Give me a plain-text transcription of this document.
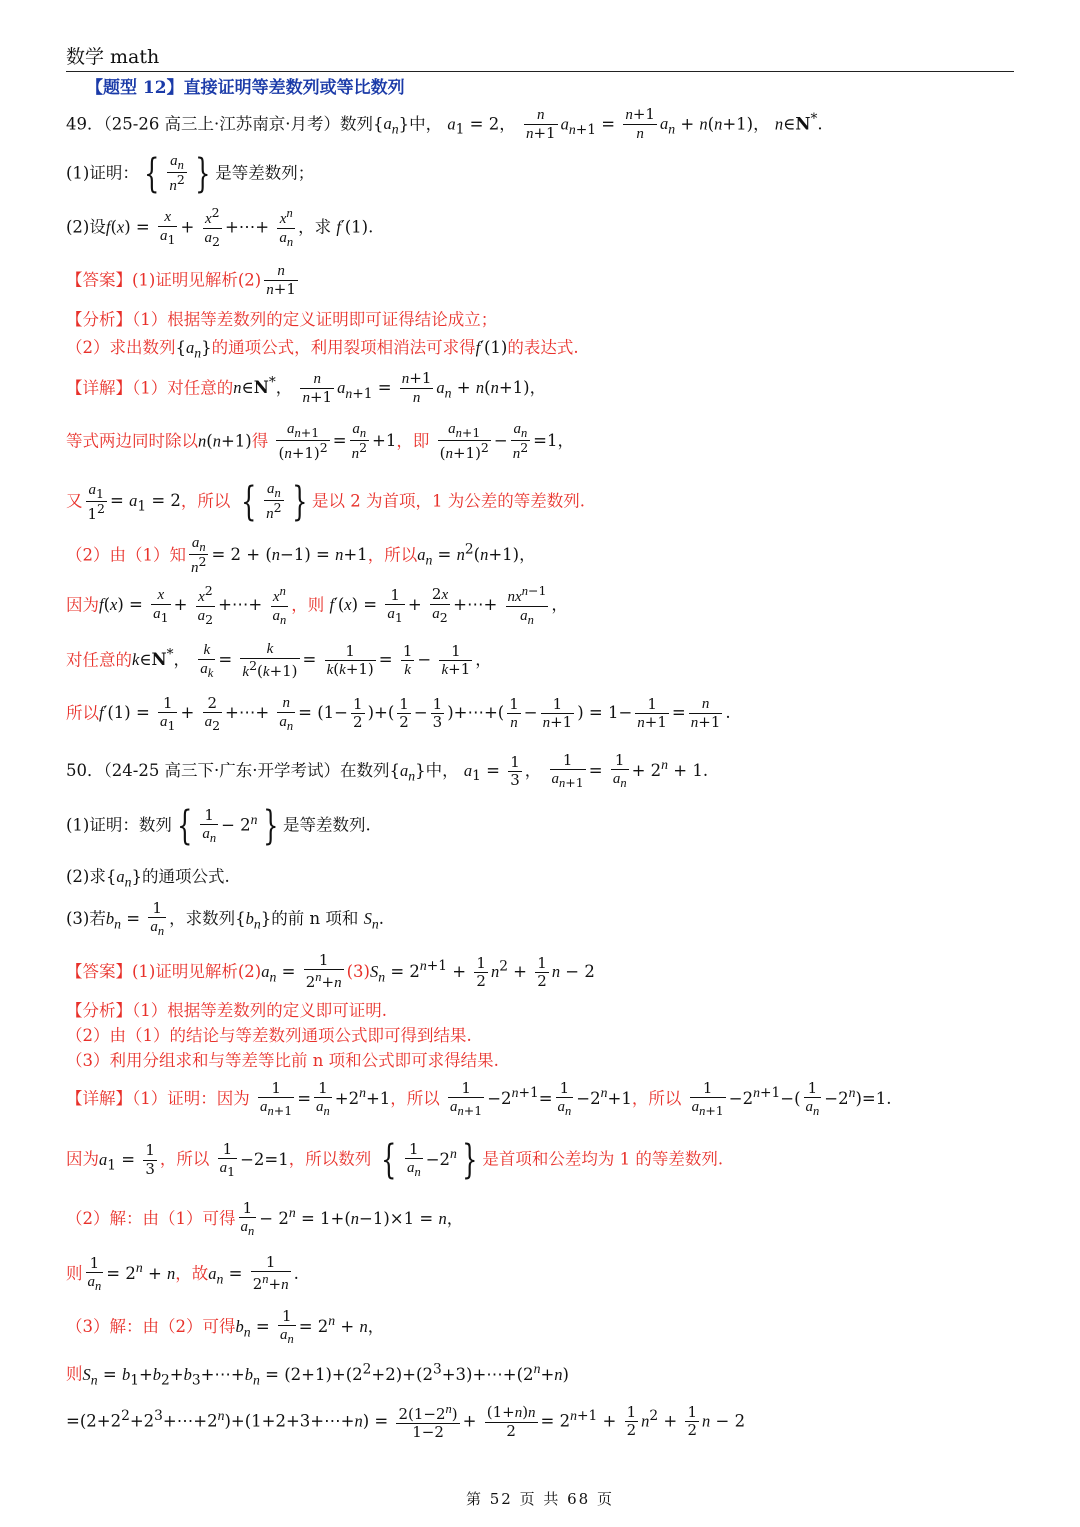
数学 math
【题型 12】直接证明等差数列或等比数列
49．（25-26 高三上·江苏南京·月考）数列$\{a_n\}$中， $a_1 = 2$， $\frac{n}{n+1} a_{n+1} = \frac{n+1}{n} a_n + n(n+1)$， n∈N*.
(1)证明： { $\frac{a_n}{n^2}$ } 是等差数列；
(2)设$f(x) = \frac{x}{a_1} + \frac{x^2}{a_2}$ +⋯+ $\frac{x^n}{a_n}$ ，求 f′(1).
【答案】(1)证明见解析$(2) \frac{n}{n+1}$
【分析】（1）根据等差数列的定义证明即可证得结论成立；
（2）求出数列$\{a_n\}$的通项公式，利用裂项相消法可求得f′(1)的表达式.
【详解】（1）对任意的n∈N*， $\frac{n}{n+1} a_{n+1} = \frac{n+1}{n} a_n + n(n+1)$，
等式两边同时除以n(n+1)得 $\frac{a_{n+1}}{(n+1)^2} = \frac{a_n}{n^2} +1$，即 $\frac{a_{n+1}}{(n+1)^2} - \frac{a_n}{n^2} =1$，
又 $\frac{a_1}{1^2} = a_1 = 2$，所以 { $\frac{a_n}{n^2}$ } 是以 2 为首项，1 为公差的等差数列.
（2）由（1）知 $\frac{a_n}{n^2} = 2 + (n-1) = n+1$，所以$a_n = n^2(n+1)$，
因为$f(x) = \frac{x}{a_1} + \frac{x^2}{a_2}$ +⋯+ $\frac{x^n}{a_n}$ ，则 $f'(x) = \frac{1}{a_1} + \frac{2x}{a_2}$ +⋯+ $\frac{nx^{n-1}}{a_n}$ ，
对任意的k∈N*， $\frac{k}{a_k} = \frac{k}{k^2(k+1)} = \frac{1}{k(k+1)} = \frac{1}{k} - \frac{1}{k+1}$ ，
所以$f'(1) = \frac{1}{a_1} + \frac{2}{a_2}$ +⋯+ $\frac{n}{a_n} = (1- \frac{1}{2}$ )+( $\frac{1}{2} - \frac{1}{3}$ )+⋯+( $\frac{1}{n} - \frac{1}{n+1}$ ) = $1- \frac{1}{n+1} = \frac{n}{n+1}$ .
50．（24-25 高三下·广东·开学考试）在数列$\{a_n\}$中， $a_1 = \frac{1}{3}$ ， $\frac{1}{a_{n+1}} = \frac{1}{a_n} + 2^n + 1$.
(1)证明：数列 { $\frac{1}{a_n} - 2^n$ } 是等差数列.
(2)求$\{a_n\}$的通项公式.
(3)若$b_n = \frac{1}{a_n}$ ，求数列$\{b_n\}$的前 n 项和 $S_n$.
【答案】(1)证明见解析$(2)a_n = \frac{1}{2^n+n} (3)S_n = 2^{n+1} + \frac{1}{2} n^2 + \frac{1}{2}$ n − 2
【分析】（1）根据等差数列的定义即可证明.
（2）由（1）的结论与等差数列通项公式即可得到结果.
（3）利用分组求和与等差等比前 n 项和公式即可求得结果.
【详解】（1）证明：因为 $\frac{1}{a_{n+1}} = \frac{1}{a_n} +2^n+1$，所以 $\frac{1}{a_{n+1}} -2^{n+1}= \frac{1}{a_n} -2^n+1$，所以 $\frac{1}{a_{n+1}} -2^{n+1}-( \frac{1}{a_n} -2^n)=1$.
因为$a_1 = \frac{1}{3}$ ，所以 $\frac{1}{a_1} -2=1$，所以数列 { $\frac{1}{a_n} -2^n$ } 是首项和公差均为 1 的等差数列.
（2）解：由（1）可得 $\frac{1}{a_n} - 2^n = 1+(n-1)\times 1 = n$，
则 $\frac{1}{a_n} = 2^n + n$，故$a_n = \frac{1}{2^n+n}$ .
（3）解：由（2）可得$b_n = \frac{1}{a_n} = 2^n + n$，
则$S_n$ = $b_1+b_2+b_3+\cdots+b_n$ = $(2+1)+(2^2+2)+(2^3+3)+\cdots+(2^n+n)$
$=(2+2^2+2^3+\cdots+2^n)+(1+2+3+\cdots+n) = \frac{2(1-2^n)}{1-2} + \frac{(1+n)n}{2} = 2^{n+1} + \frac{1}{2} n^2 + \frac{1}{2}$ n − 2
第 52 页 共 68 页
